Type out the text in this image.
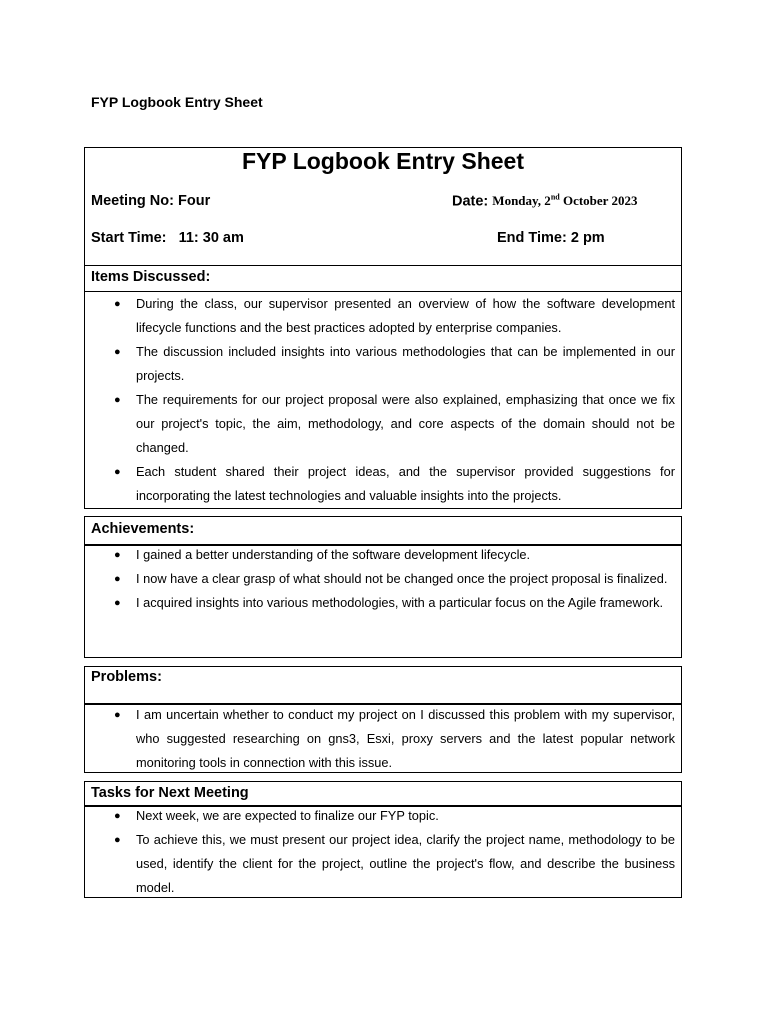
FYP Logbook Entry Sheet
FYP Logbook Entry Sheet
Meeting No: Four	Date: Monday, 2nd October 2023
Start Time: 11: 30 am	End Time: 2 pm
Items Discussed:
● During the class, our supervisor presented an overview of how the software development lifecycle functions and the best practices adopted by enterprise companies.
● The discussion included insights into various methodologies that can be implemented in our projects.
● The requirements for our project proposal were also explained, emphasizing that once we fix our project's topic, the aim, methodology, and core aspects of the domain should not be changed.
● Each student shared their project ideas, and the supervisor provided suggestions for incorporating the latest technologies and valuable insights into the projects.
Achievements:
● I gained a better understanding of the software development lifecycle.
● I now have a clear grasp of what should not be changed once the project proposal is finalized.
● I acquired insights into various methodologies, with a particular focus on the Agile framework.
Problems:
● I am uncertain whether to conduct my project on I discussed this problem with my supervisor, who suggested researching on gns3, Esxi, proxy servers and the latest popular network monitoring tools in connection with this issue.
Tasks for Next Meeting
● Next week, we are expected to finalize our FYP topic.
● To achieve this, we must present our project idea, clarify the project name, methodology to be used, identify the client for the project, outline the project's flow, and describe the business model.
